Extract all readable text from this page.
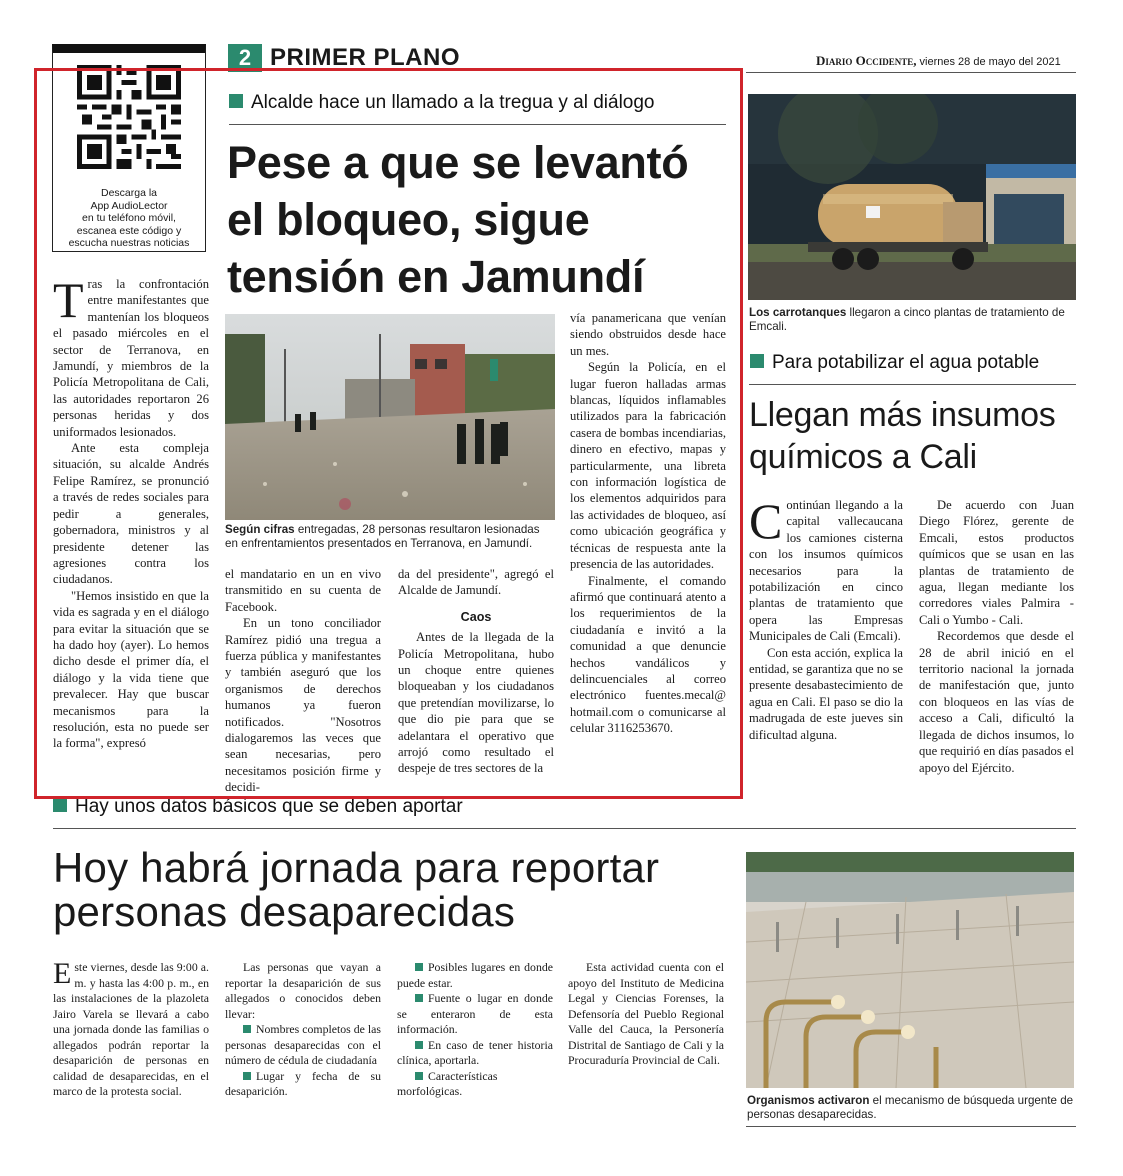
2 PRIMER PLANO	Diario Occidente, viernes 28 de mayo del 2021
Descarga la
App AudioLector
en tu teléfono móvil,
escanea este código y
escucha nuestras noticias
Alcalde hace un llamado a la tregua y al diálogo
Pese a que se levantó el bloqueo, sigue tensión en Jamundí

Tras la confrontación entre manifestantes que mantenían los bloqueos el pasado miércoles en el sector de Terranova, en Jamundí, y miembros de la Policía Metropolitana de Cali, las autoridades reportaron 26 personas heridas y dos uniformados lesionados.

Ante esta compleja situación, su alcalde Andrés Felipe Ramírez, se pronunció a través de redes sociales para pedir a generales, gobernadora, ministros y al presidente detener las agresiones contra los ciudadanos.

"Hemos insistido en que la vida es sagrada y en el diálogo para evitar la situación que se ha dado hoy (ayer). Lo hemos dicho desde el primer día, el diálogo y la vida tiene que prevalecer. Hay que buscar mecanismos para la resolución, esta no puede ser la forma", expresó

Según cifras entregadas, 28 personas resultaron lesionadas en enfrentamientos presentados en Terranova, en Jamundí.

el mandatario en un en vivo transmitido en su cuenta de Facebook.

En un tono conciliador Ramírez pidió una tregua a fuerza pública y manifestantes y también aseguró que los organismos de derechos humanos ya fueron notificados. "Nosotros dialogaremos las veces que sean necesarias, pero necesitamos posición firme y decidi-

da del presidente", agregó el Alcalde de Jamundí.

Caos

Antes de la llegada de la Policía Metropolitana, hubo un choque entre quienes bloqueaban y los ciudadanos que pretendían movilizarse, lo que dio pie para que se adelantara el operativo que arrojó como resultado el despeje de tres sectores de la

vía panamericana que venían siendo obstruidos desde hace un mes.

Según la Policía, en el lugar fueron halladas armas blancas, líquidos inflamables utilizados para la fabricación casera de bombas incendiarias, dinero en efectivo, mapas y particularmente, una libreta con información logística de los elementos adquiridos para las actividades de bloqueo, así como ubicación geográfica y técnicas de respuesta ante la presencia de las autoridades.

Finalmente, el comando afirmó que continuará atento a los requerimientos de la ciudadanía e invitó a la comunidad a que denuncie hechos vandálicos y delincuenciales al correo electrónico fuentes.mecal@ hotmail.com o comunicarse al celular 3116253670.

Los carrotanques llegaron a cinco plantas de tratamiento de Emcali.
Para potabilizar el agua potable
Llegan más insumos químicos a Cali

Continúan llegando a la capital vallecaucana los camiones cisterna con los insumos químicos necesarios para la potabilización en cinco plantas de tratamiento que opera las Empresas Municipales de Cali (Emcali).

Con esta acción, explica la entidad, se garantiza que no se presente desabastecimiento de agua en Cali. El paso se dio la madrugada de este jueves sin dificultad alguna.

De acuerdo con Juan Diego Flórez, gerente de Emcali, estos productos químicos que se usan en las plantas de tratamiento de agua, llegan mediante los corredores viales Palmira - Cali o Yumbo - Cali.

Recordemos que desde el 28 de abril inició en el territorio nacional la jornada de manifestación que, junto con bloqueos en las vías de acceso a Cali, dificultó la llegada de dichos insumos, lo que requirió en días pasados el apoyo del Ejército.

Hay unos datos básicos que se deben aportar
Hoy habrá jornada para reportar
personas desaparecidas

Este viernes, desde las 9:00 a. m. y hasta las 4:00 p. m., en las instalaciones de la plazoleta Jairo Varela se llevará a cabo una jornada donde las familias o allegados podrán reportar la desaparición de personas en calidad de desaparecidas, en el marco de la protesta social.

Las personas que vayan a reportar la desaparición de sus allegados o conocidos deben llevar:

Nombres completos de las personas desaparecidas con el número de cédula de ciudadanía

Lugar y fecha de su desaparición.

Posibles lugares en donde puede estar.

Fuente o lugar en donde se enteraron de esta información.

En caso de tener historia clínica, aportarla.

Características morfológicas.

Esta actividad cuenta con el apoyo del Instituto de Medicina Legal y Ciencias Forenses, la Defensoría del Pueblo Regional Valle del Cauca, la Personería Distrital de Santiago de Cali y la Procuraduría Provincial de Cali.

Organismos activaron el mecanismo de búsqueda urgente de personas desaparecidas.
